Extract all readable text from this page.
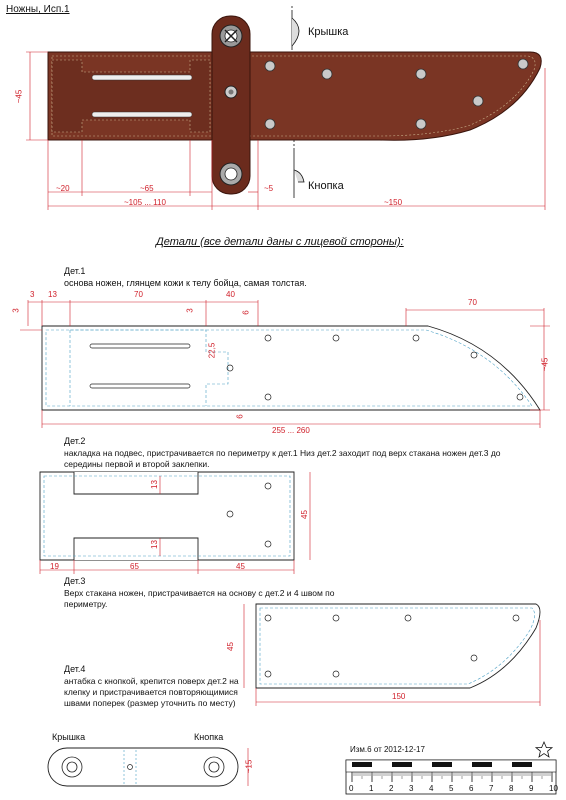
Ножны, Исп.1
Крышка
Кнопка
~45
~20	~65	~5
~105 ... 110	~150
Детали (все детали даны с лицевой стороны):
Дет.1
основа ножен, глянцем кожи к телу бойца, самая толстая.
3 13	70	40
70
3	3	6
22,5
6
~45
255 ... 260
Дет.2
накладка на подвес, пристрачивается по периметру к дет.1 Низ дет.2 заходит под верх стакана ножен дет.3 до середины первой и второй заклепки.
13
13
45
19	65	45
Дет.3
Верх стакана ножен, пристрачивается на основу с дет.2 и 4 швом по периметру.
45
150
Дет.4
антабка с кнопкой, крепится поверх дет.2 на клепку и пристрачивается повторяющимися швами поперек (размер уточнить по месту)
~15
Крышка	Кнопка
Изм.6 от 2012-12-17
0 1 2 3 4 5 6 7 8 9 10
